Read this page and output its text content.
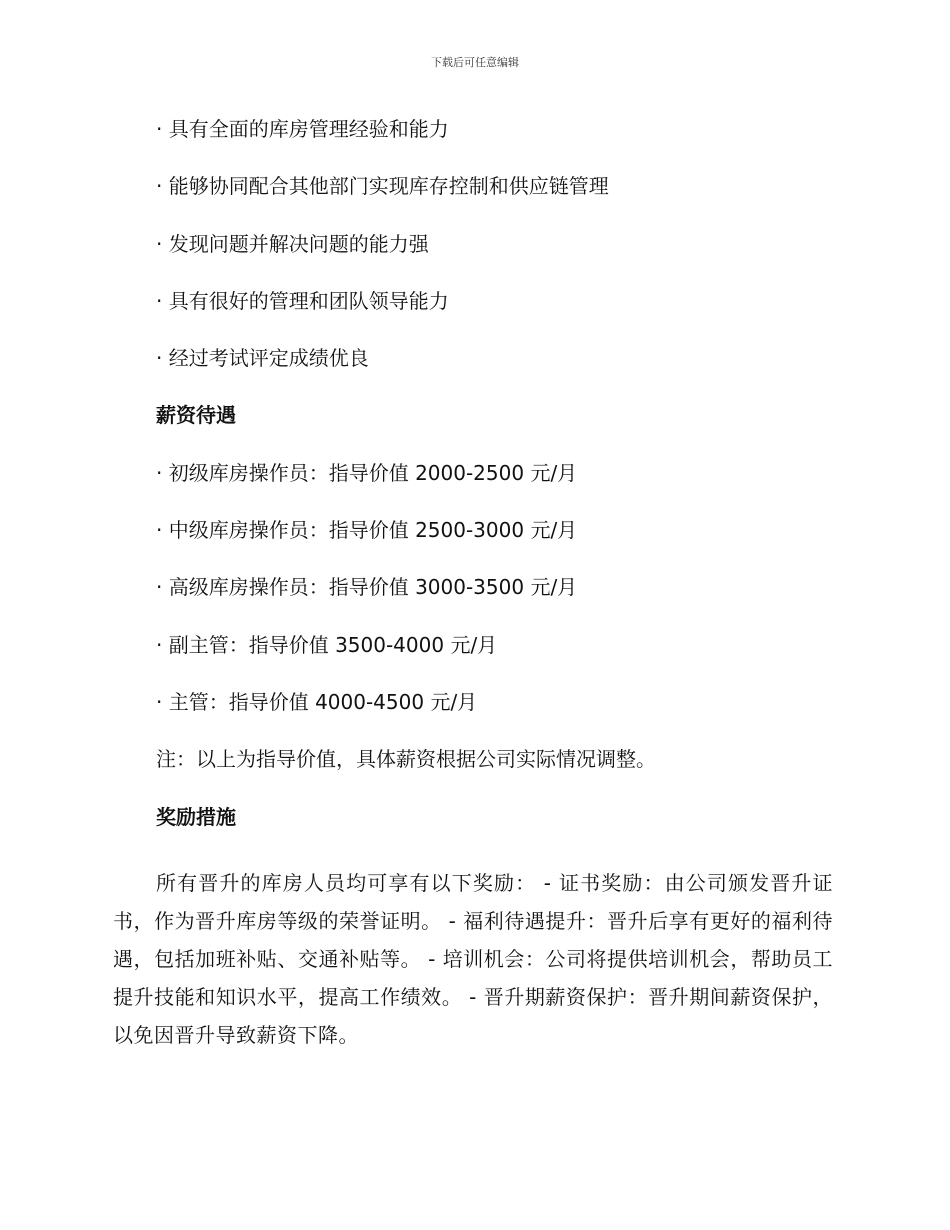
下载后可任意编辑
· 具有全面的库房管理经验和能力
· 能够协同配合其他部门实现库存控制和供应链管理
· 发现问题并解决问题的能力强
· 具有很好的管理和团队领导能力
· 经过考试评定成绩优良
薪资待遇
· 初级库房操作员：指导价值 2000-2500 元/月
· 中级库房操作员：指导价值 2500-3000 元/月
· 高级库房操作员：指导价值 3000-3500 元/月
· 副主管：指导价值 3500-4000 元/月
· 主管：指导价值 4000-4500 元/月
注：以上为指导价值，具体薪资根据公司实际情况调整。
奖励措施
所有晋升的库房人员均可享有以下奖励： - 证书奖励：由公司颁发晋升证书，作为晋升库房等级的荣誉证明。 - 福利待遇提升：晋升后享有更好的福利待遇，包括加班补贴、交通补贴等。 - 培训机会：公司将提供培训机会，帮助员工提升技能和知识水平，提高工作绩效。 - 晋升期薪资保护：晋升期间薪资保护，以免因晋升导致薪资下降。
